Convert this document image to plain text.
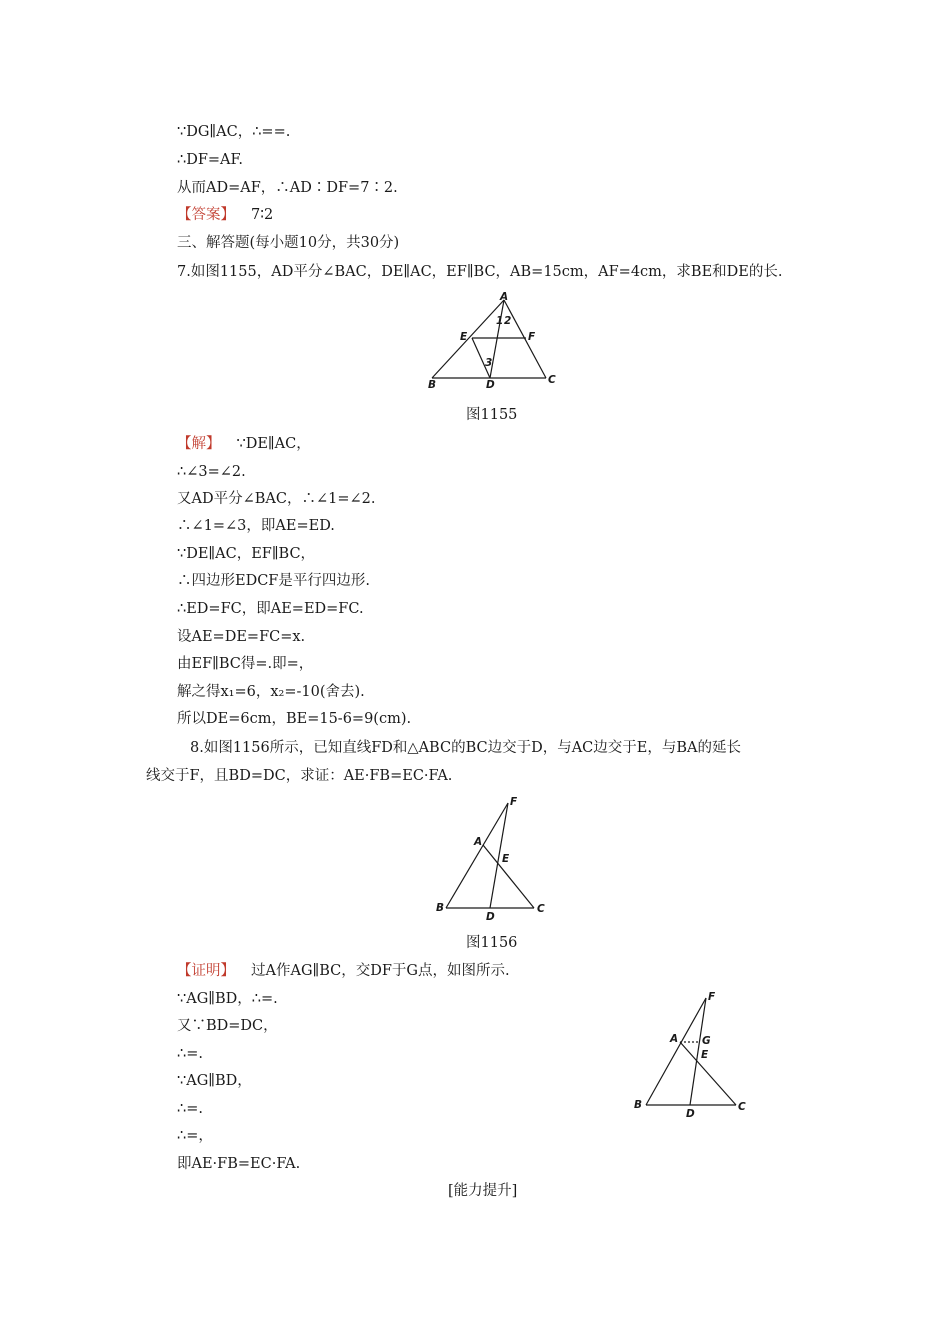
∵DG∥AC，∴==.
∴DF=AF.
从而AD=AF，∴AD∶DF=7∶2.
【答案】 7∶2
三、解答题(每小题10分，共30分)
7.如图1155，AD平分∠BAC，DE∥AC，EF∥BC，AB=15cm，AF=4cm，求BE和DE的长.
A
B	C
D
E	F
1 2
3
图1155
【解】 ∵DE∥AC，
∴∠3=∠2.
又AD平分∠BAC，∴∠1=∠2.
∴∠1=∠3，即AE=ED.
∵DE∥AC，EF∥BC，
∴四边形EDCF是平行四边形.
∴ED=FC，即AE=ED=FC.
设AE=DE=FC=x.
由EF∥BC得=.即=，
解之得x₁=6，x₂=-10(舍去).
所以DE=6cm，BE=15-6=9(cm).
8.如图1156所示，已知直线FD和△ABC的BC边交于D，与AC边交于E，与BA的延长
线交于F，且BD=DC，求证：AE·FB=EC·FA.
F
A
E
B
D
C
图1156
【证明】 过A作AG∥BC，交DF于G点，如图所示.
∵AG∥BD，∴=.
又∵BD=DC，
∴=.
∵AG∥BD，
∴=.
∴=，
即AE·FB=EC·FA.
F
A G
E
B
D
C
[能力提升]
